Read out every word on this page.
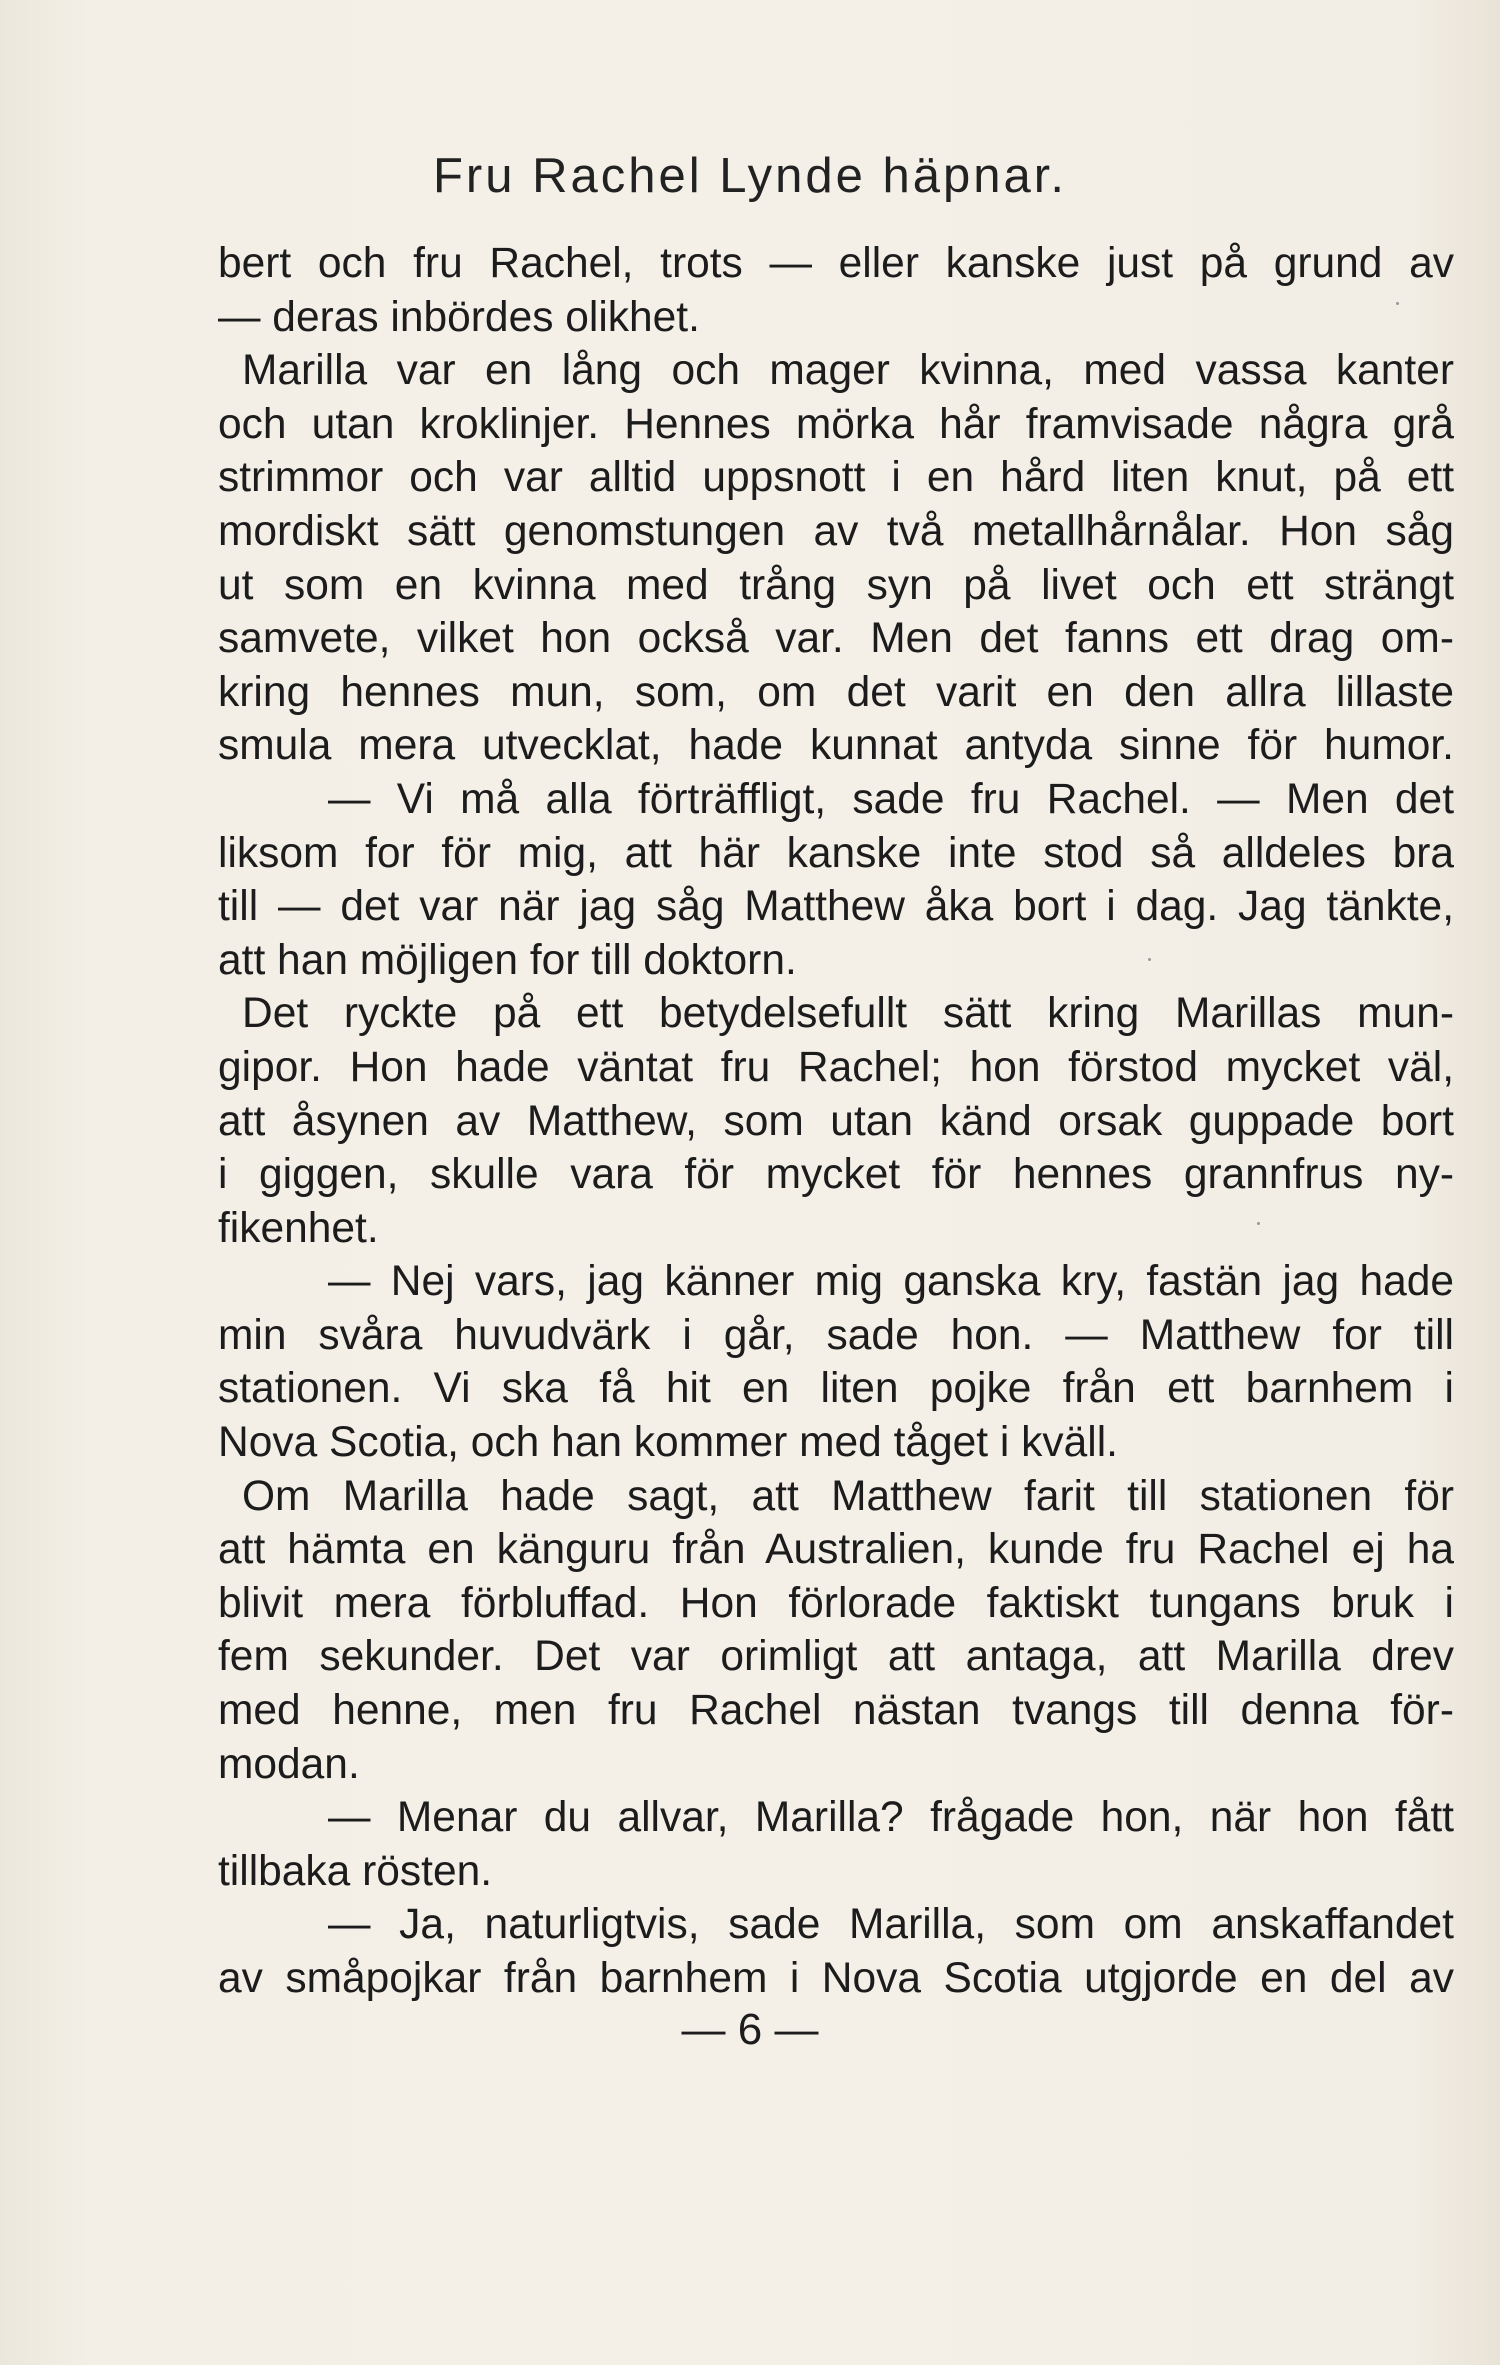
Fru Rachel Lynde häpnar.
bert och fru Rachel, trots — eller kanske just på grund av
— deras inbördes olikhet.
Marilla var en lång och mager kvinna, med vassa kanter
och utan kroklinjer. Hennes mörka hår framvisade några grå
strimmor och var alltid uppsnott i en hård liten knut, på ett
mordiskt sätt genomstungen av två metallhårnålar. Hon såg
ut som en kvinna med trång syn på livet och ett strängt
samvete, vilket hon också var. Men det fanns ett drag om-
kring hennes mun, som, om det varit en den allra lillaste
smula mera utvecklat, hade kunnat antyda sinne för humor.
— Vi må alla förträffligt, sade fru Rachel. — Men det
liksom for för mig, att här kanske inte stod så alldeles bra
till — det var när jag såg Matthew åka bort i dag. Jag tänkte,
att han möjligen for till doktorn.
Det ryckte på ett betydelsefullt sätt kring Marillas mun-
gipor. Hon hade väntat fru Rachel; hon förstod mycket väl,
att åsynen av Matthew, som utan känd orsak guppade bort
i giggen, skulle vara för mycket för hennes grannfrus ny-
fikenhet.
— Nej vars, jag känner mig ganska kry, fastän jag hade
min svåra huvudvärk i går, sade hon. — Matthew for till
stationen. Vi ska få hit en liten pojke från ett barnhem i
Nova Scotia, och han kommer med tåget i kväll.
Om Marilla hade sagt, att Matthew farit till stationen för
att hämta en känguru från Australien, kunde fru Rachel ej ha
blivit mera förbluffad. Hon förlorade faktiskt tungans bruk i
fem sekunder. Det var orimligt att antaga, att Marilla drev
med henne, men fru Rachel nästan tvangs till denna för-
modan.
— Menar du allvar, Marilla? frågade hon, när hon fått
tillbaka rösten.
— Ja, naturligtvis, sade Marilla, som om anskaffandet
av småpojkar från barnhem i Nova Scotia utgjorde en del av
— 6 —
